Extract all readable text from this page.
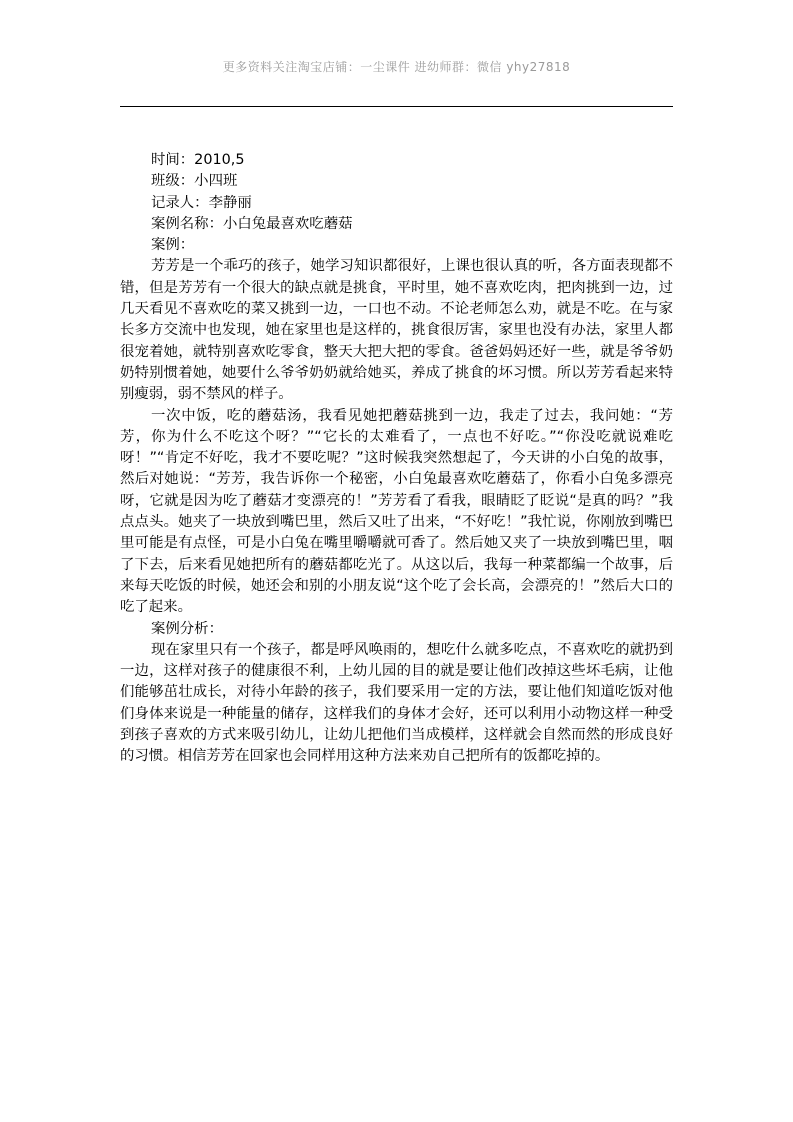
更多资料关注淘宝店铺：一尘课件 进幼师群：微信 yhy27818
时间：2010,5
班级：小四班
记录人：李静丽
案例名称：小白兔最喜欢吃蘑菇
案例：

芳芳是一个乖巧的孩子，她学习知识都很好，上课也很认真的听，各方面表现都不错，但是芳芳有一个很大的缺点就是挑食，平时里，她不喜欢吃肉，把肉挑到一边，过几天看见不喜欢吃的菜又挑到一边，一口也不动。不论老师怎么劝，就是不吃。在与家长多方交流中也发现，她在家里也是这样的，挑食很厉害，家里也没有办法，家里人都很宠着她，就特别喜欢吃零食，整天大把大把的零食。爸爸妈妈还好一些，就是爷爷奶奶特别惯着她，她要什么爷爷奶奶就给她买，养成了挑食的坏习惯。所以芳芳看起来特别瘦弱，弱不禁风的样子。

一次中饭，吃的蘑菇汤，我看见她把蘑菇挑到一边，我走了过去，我问她：“芳芳，你为什么不吃这个呀？”“它长的太难看了，一点也不好吃。”“你没吃就说难吃呀！”“肯定不好吃，我才不要吃呢？”这时候我突然想起了，今天讲的小白兔的故事，然后对她说：“芳芳，我告诉你一个秘密，小白兔最喜欢吃蘑菇了，你看小白兔多漂亮呀，它就是因为吃了蘑菇才变漂亮的！”芳芳看了看我，眼睛眨了眨说“是真的吗？”我点点头。她夹了一块放到嘴巴里，然后又吐了出来，“不好吃！”我忙说，你刚放到嘴巴里可能是有点怪，可是小白兔在嘴里嚼嚼就可香了。然后她又夹了一块放到嘴巴里，咽了下去，后来看见她把所有的蘑菇都吃光了。从这以后，我每一种菜都编一个故事，后来每天吃饭的时候，她还会和别的小朋友说“这个吃了会长高，会漂亮的！”然后大口的吃了起来。

案例分析：

现在家里只有一个孩子，都是呼风唤雨的，想吃什么就多吃点，不喜欢吃的就扔到一边，这样对孩子的健康很不利，上幼儿园的目的就是要让他们改掉这些坏毛病，让他们能够茁壮成长，对待小年龄的孩子，我们要采用一定的方法，要让他们知道吃饭对他们身体来说是一种能量的储存，这样我们的身体才会好，还可以利用小动物这样一种受到孩子喜欢的方式来吸引幼儿，让幼儿把他们当成模样，这样就会自然而然的形成良好的习惯。相信芳芳在回家也会同样用这种方法来劝自己把所有的饭都吃掉的。
